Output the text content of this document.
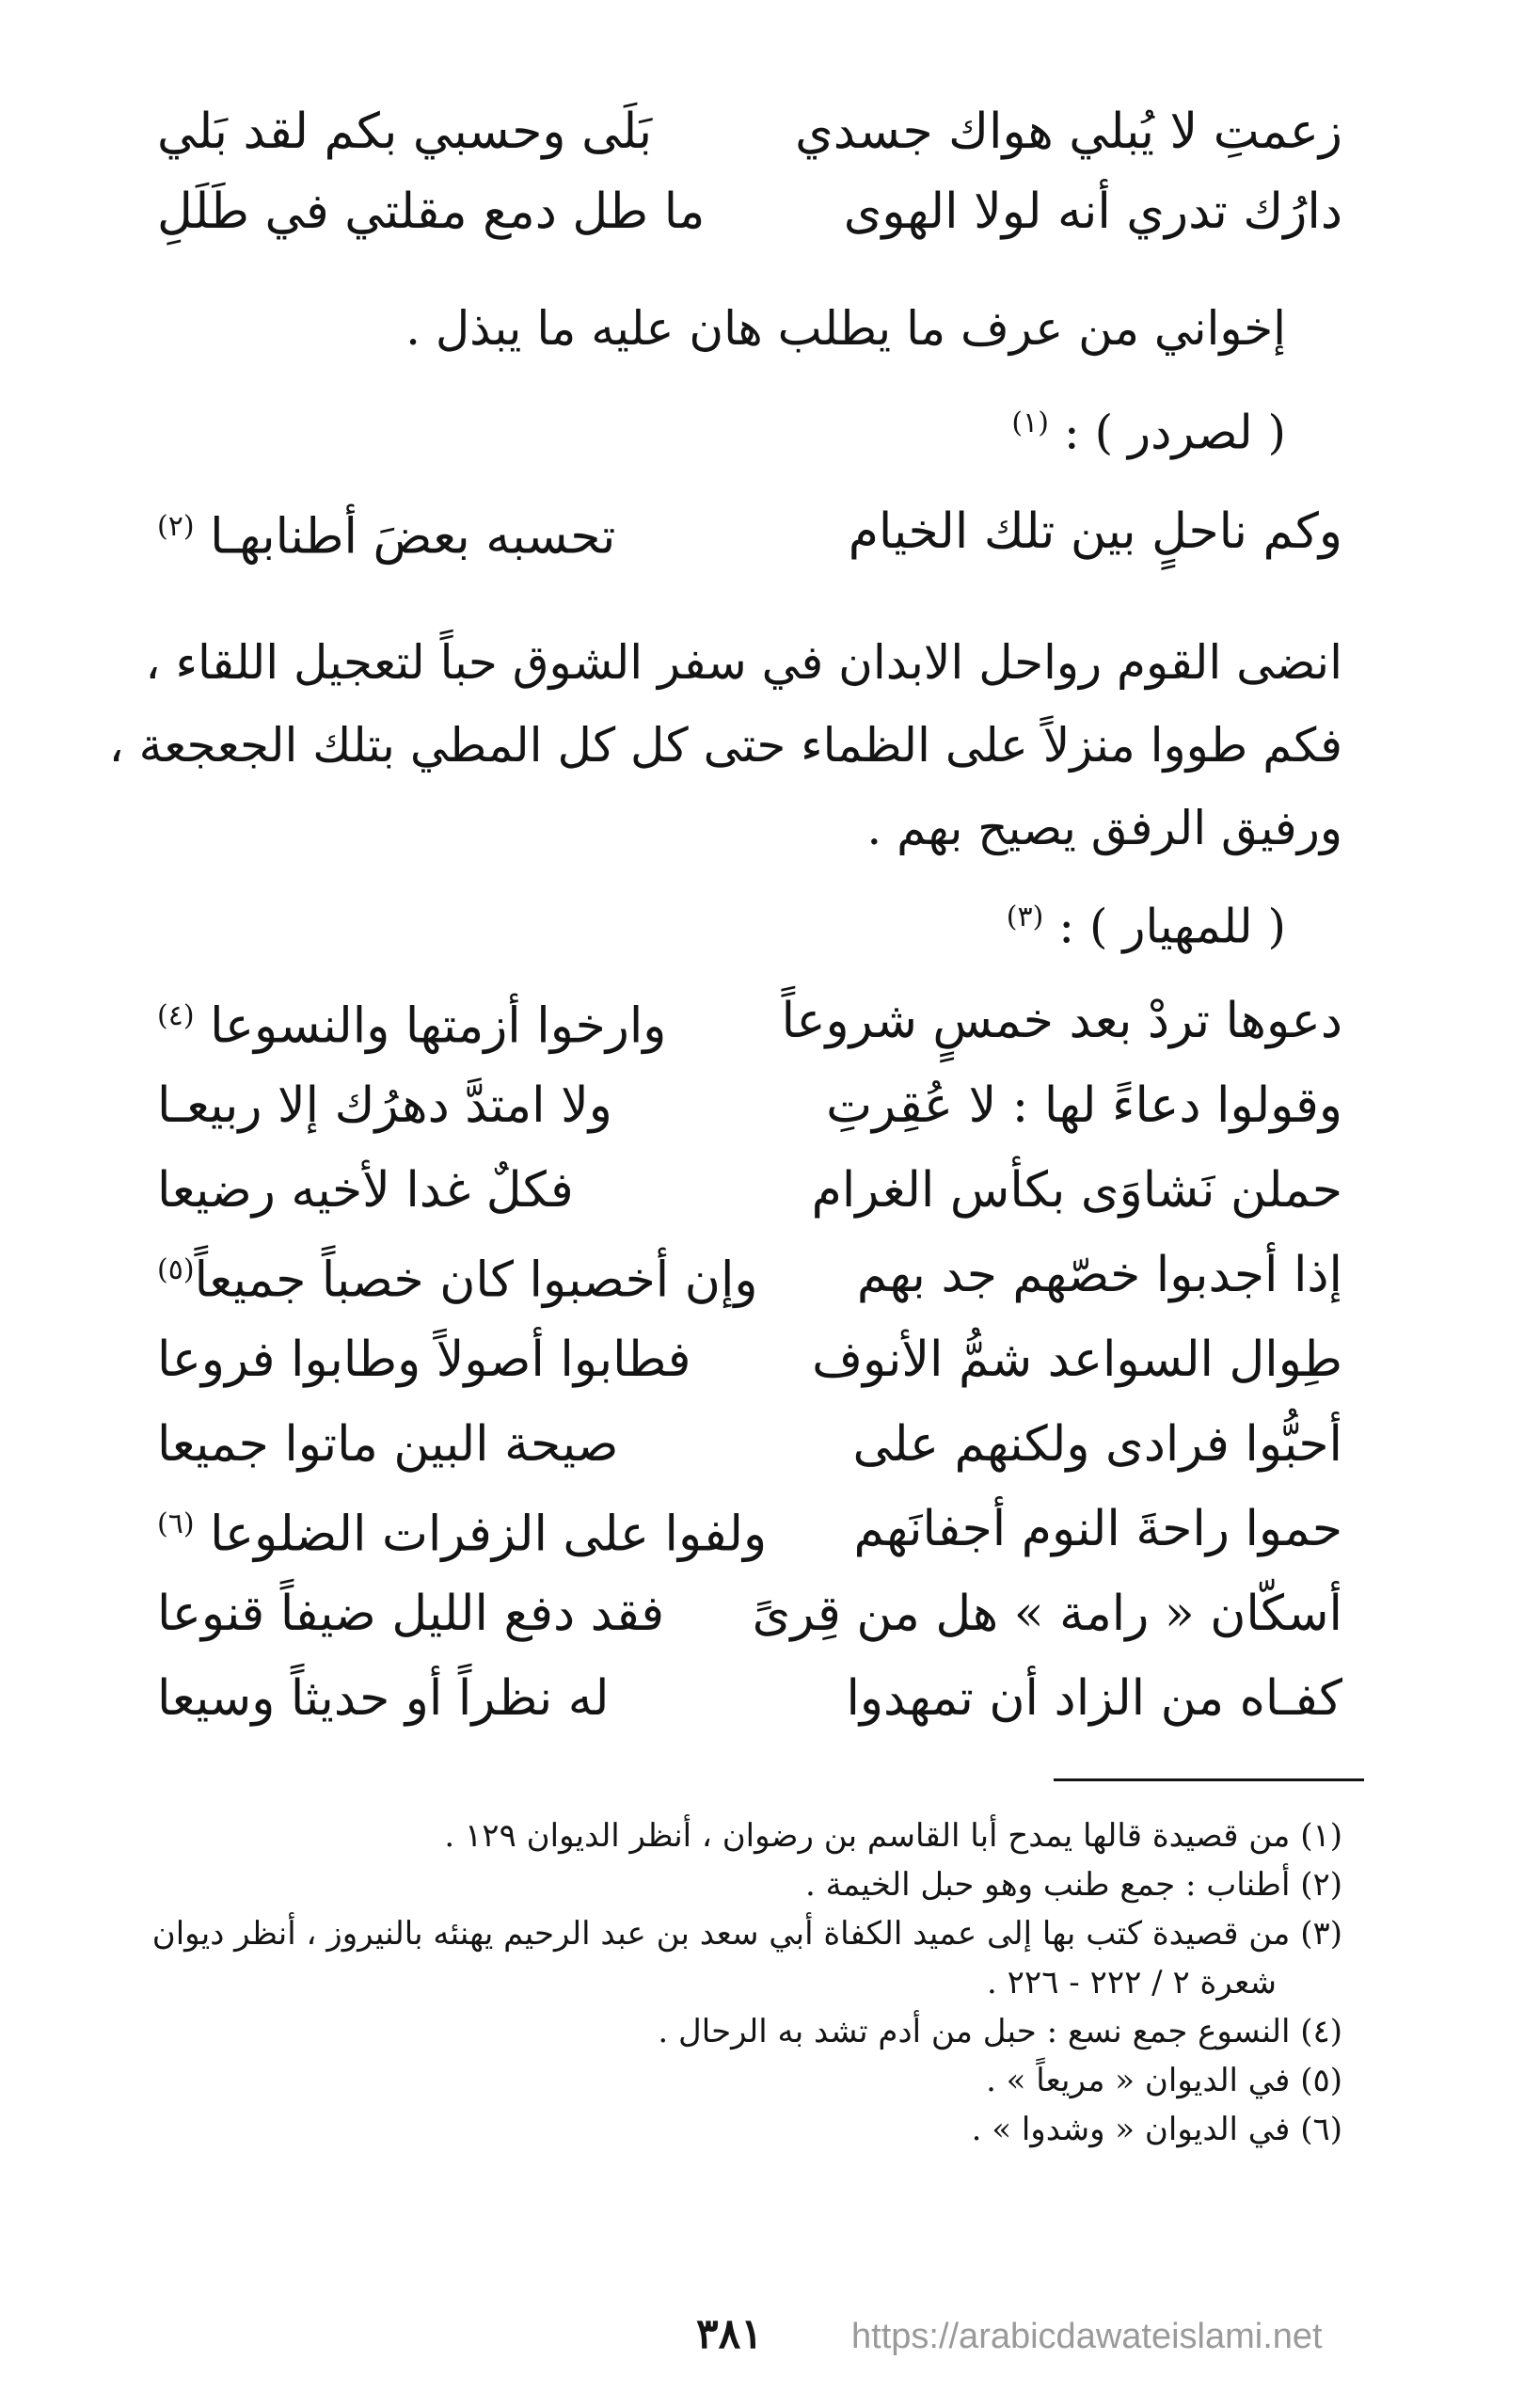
زعمتِ لا يُبلي هواك جسدي
بَلَى وحسبي بكم لقد بَلي
دارُك تدري أنه لولا الهوى
ما طل دمع مقلتي في طَلَلِ
إخواني من عرف ما يطلب هان عليه ما يبذل .
( لصردر ) : $^{(١)}$
وكم ناحلٍ بين تلك الخيام
تحسبه بعضَ أطنابهـا $^{(٢)}$
انضى القوم رواحل الابدان في سفر الشوق حباً لتعجيل اللقاء ،
فكم طووا منزلاً على الظماء حتى كل كل المطي بتلك الجعجعة ،
ورفيق الرفق يصيح بهم .
( للمهيار ) : $^{(٣)}$
دعوها تردْ بعد خمسٍ شروعاً
وارخوا أزمتها والنسوعا $^{(٤)}$
وقولوا دعاءً لها : لا عُقِرتِ
ولا امتدَّ دهرُك إلا ربيعـا
حملن نَشاوَى بكأس الغرام
فكلٌ غدا لأخيه رضيعا
إذا أجدبوا خصّهم جد بهم
وإن أخصبوا كان خصباً جميعاً$^{(٥)}$
طِوال السواعد شمُّ الأنوف
فطابوا أصولاً وطابوا فروعا
أحبُّوا فرادى ولكنهم على
صيحة البين ماتوا جميعا
حموا راحةَ النوم أجفانَهم
ولفوا على الزفرات الضلوعا $^{(٦)}$
أسكّان « رامة » هل من قِرىً
فقد دفع الليل ضيفاً قنوعا
كفـاه من الزاد أن تمهدوا
له نظراً أو حديثاً وسيعا
(١) من قصيدة قالها يمدح أبا القاسم بن رضوان ، أنظر الديوان ١٢٩ .
(٢) أطناب : جمع طنب وهو حبل الخيمة .
(٣) من قصيدة كتب بها إلى عميد الكفاة أبي سعد بن عبد الرحيم يهنئه بالنيروز ، أنظر ديوان
شعرة ٢ / ٢٢٢ - ٢٢٦ .
(٤) النسوع جمع نسع : حبل من أدم تشد به الرحال .
(٥) في الديوان « مريعاً » .
(٦) في الديوان « وشدوا » .
٣٨١ https://arabicdawateislami.net
